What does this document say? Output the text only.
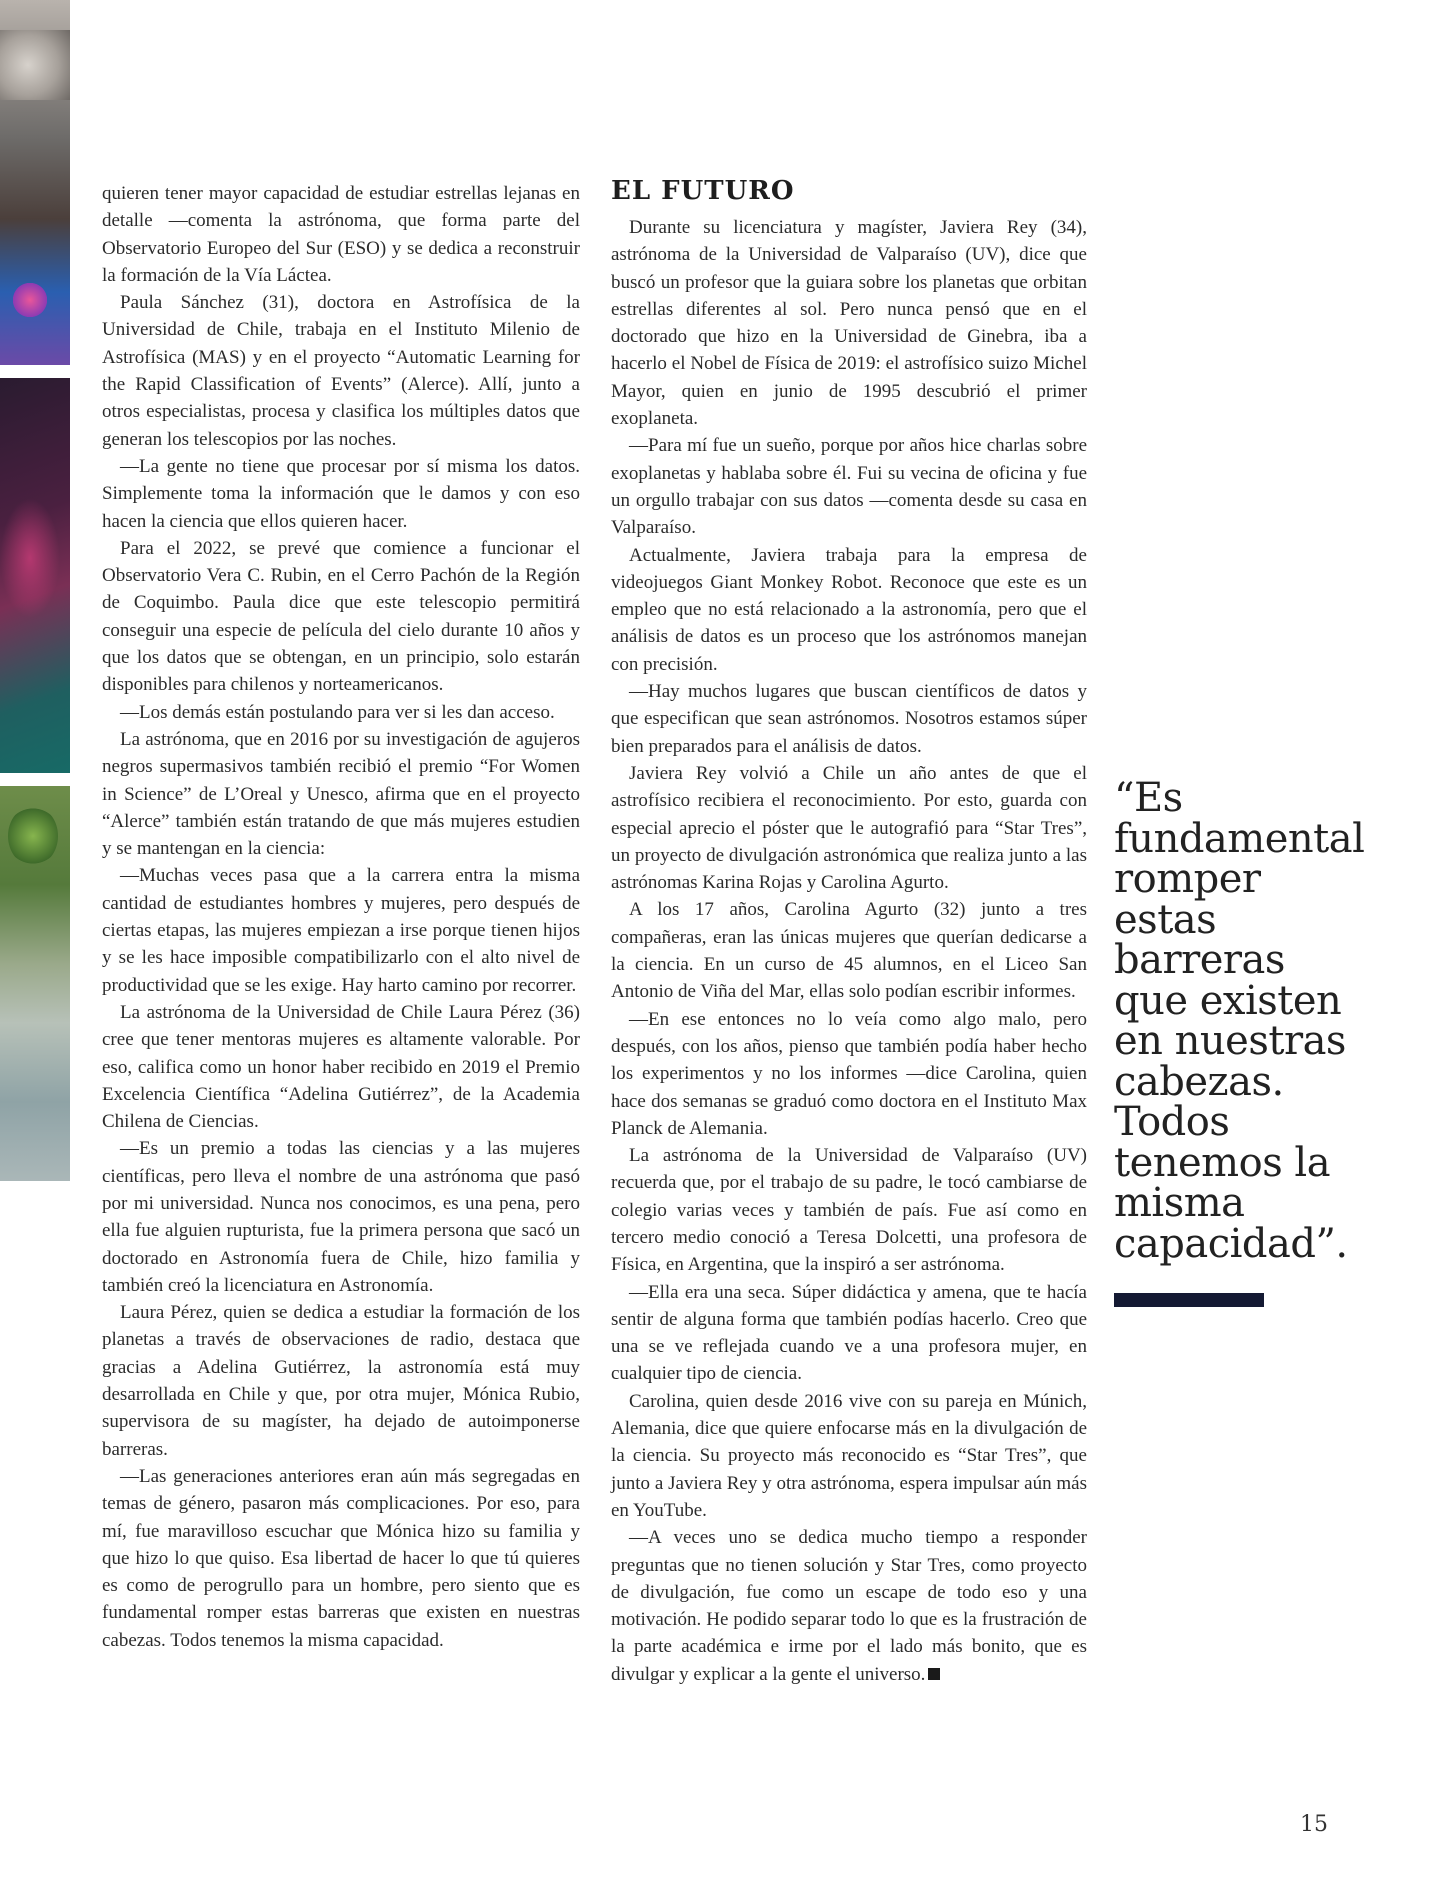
quieren tener mayor capacidad de estudiar estrellas lejanas en detalle —comenta la astrónoma, que forma parte del Observatorio Europeo del Sur (ESO) y se dedica a reconstruir la formación de la Vía Láctea.

Paula Sánchez (31), doctora en Astrofísica de la Universidad de Chile, trabaja en el Instituto Milenio de Astrofísica (MAS) y en el proyecto “Automatic Learning for the Rapid Classification of Events” (Alerce). Allí, junto a otros especialistas, procesa y clasifica los múltiples datos que generan los telescopios por las noches.

—La gente no tiene que procesar por sí misma los datos. Simplemente toma la información que le damos y con eso hacen la ciencia que ellos quieren hacer.

Para el 2022, se prevé que comience a funcionar el Observatorio Vera C. Rubin, en el Cerro Pachón de la Región de Coquimbo. Paula dice que este telescopio permitirá conseguir una especie de película del cielo durante 10 años y que los datos que se obtengan, en un principio, solo estarán disponibles para chilenos y norteamericanos.

—Los demás están postulando para ver si les dan acceso.

La astrónoma, que en 2016 por su investigación de agujeros negros supermasivos también recibió el premio “For Women in Science” de L’Oreal y Unesco, afirma que en el proyecto “Alerce” también están tratando de que más mujeres estudien y se mantengan en la ciencia:

—Muchas veces pasa que a la carrera entra la misma cantidad de estudiantes hombres y mujeres, pero después de ciertas etapas, las mujeres empiezan a irse porque tienen hijos y se les hace imposible compatibilizarlo con el alto nivel de productividad que se les exige. Hay harto camino por recorrer.

La astrónoma de la Universidad de Chile Laura Pérez (36) cree que tener mentoras mujeres es altamente valorable. Por eso, califica como un honor haber recibido en 2019 el Premio Excelencia Científica “Adelina Gutiérrez”, de la Academia Chilena de Ciencias.

—Es un premio a todas las ciencias y a las mujeres científicas, pero lleva el nombre de una astrónoma que pasó por mi universidad. Nunca nos conocimos, es una pena, pero ella fue alguien rupturista, fue la primera persona que sacó un doctorado en Astronomía fuera de Chile, hizo familia y también creó la licenciatura en Astronomía.

Laura Pérez, quien se dedica a estudiar la formación de los planetas a través de observaciones de radio, destaca que gracias a Adelina Gutiérrez, la astronomía está muy desarrollada en Chile y que, por otra mujer, Mónica Rubio, supervisora de su magíster, ha dejado de autoimponerse barreras.

—Las generaciones anteriores eran aún más segregadas en temas de género, pasaron más complicaciones. Por eso, para mí, fue maravilloso escuchar que Mónica hizo su familia y que hizo lo que quiso. Esa libertad de hacer lo que tú quieres es como de perogrullo para un hombre, pero siento que es fundamental romper estas barreras que existen en nuestras cabezas. Todos tenemos la misma capacidad.

EL FUTURO

Durante su licenciatura y magíster, Javiera Rey (34), astrónoma de la Universidad de Valparaíso (UV), dice que buscó un profesor que la guiara sobre los planetas que orbitan estrellas diferentes al sol. Pero nunca pensó que en el doctorado que hizo en la Universidad de Ginebra, iba a hacerlo el Nobel de Física de 2019: el astrofísico suizo Michel Mayor, quien en junio de 1995 descubrió el primer exoplaneta.

—Para mí fue un sueño, porque por años hice charlas sobre exoplanetas y hablaba sobre él. Fui su vecina de oficina y fue un orgullo trabajar con sus datos —comenta desde su casa en Valparaíso.

Actualmente, Javiera trabaja para la empresa de videojuegos Giant Monkey Robot. Reconoce que este es un empleo que no está relacionado a la astronomía, pero que el análisis de datos es un proceso que los astrónomos manejan con precisión.

—Hay muchos lugares que buscan científicos de datos y que especifican que sean astrónomos. Nosotros estamos súper bien preparados para el análisis de datos.

Javiera Rey volvió a Chile un año antes de que el astrofísico recibiera el reconocimiento. Por esto, guarda con especial aprecio el póster que le autografió para “Star Tres”, un proyecto de divulgación astronómica que realiza junto a las astrónomas Karina Rojas y Carolina Agurto.

A los 17 años, Carolina Agurto (32) junto a tres compañeras, eran las únicas mujeres que querían dedicarse a la ciencia. En un curso de 45 alumnos, en el Liceo San Antonio de Viña del Mar, ellas solo podían escribir informes.

—En ese entonces no lo veía como algo malo, pero después, con los años, pienso que también podía haber hecho los experimentos y no los informes —dice Carolina, quien hace dos semanas se graduó como doctora en el Instituto Max Planck de Alemania.

La astrónoma de la Universidad de Valparaíso (UV) recuerda que, por el trabajo de su padre, le tocó cambiarse de colegio varias veces y también de país. Fue así como en tercero medio conoció a Teresa Dolcetti, una profesora de Física, en Argentina, que la inspiró a ser astrónoma.

—Ella era una seca. Súper didáctica y amena, que te hacía sentir de alguna forma que también podías hacerlo. Creo que una se ve reflejada cuando ve a una profesora mujer, en cualquier tipo de ciencia.

Carolina, quien desde 2016 vive con su pareja en Múnich, Alemania, dice que quiere enfocarse más en la divulgación de la ciencia. Su proyecto más reconocido es “Star Tres”, que junto a Javiera Rey y otra astrónoma, espera impulsar aún más en YouTube.

—A veces uno se dedica mucho tiempo a responder preguntas que no tienen solución y Star Tres, como proyecto de divulgación, fue como un escape de todo eso y una motivación. He podido separar todo lo que es la frustración de la parte académica e irme por el lado más bonito, que es divulgar y explicar a la gente el universo.

“Es fundamental romper estas barreras que existen en nuestras cabezas. Todos tenemos la misma capacidad”.

15
